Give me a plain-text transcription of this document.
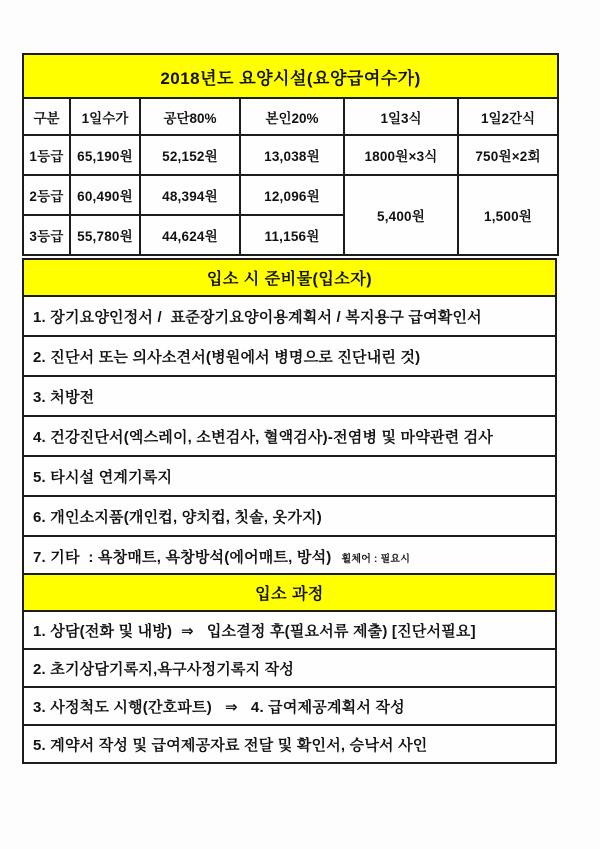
2018년도 요양시설(요양급여수가)					
구분	1일수가	공단80%	본인20%	1일3식	1일2간식
1등급	65,190원	52,152원	13,038원	1800원×3식	750원×2회
2등급	60,490원	48,394원	12,096원	5,400원	1,500원
3등급	55,780원	44,624원	11,156원		
입소 시 준비물(입소자)
1. 장기요양인정서 /  표준장기요양이용계획서 / 복지용구 급여확인서
2. 진단서 또는 의사소견서(병원에서 병명으로 진단내린 것)
3. 처방전
4. 건강진단서(엑스레이, 소변검사, 혈액검사)-전염병 및 마약관련 검사
5. 타시설 연계기록지
6. 개인소지품(개인컵, 양치컵, 칫솔, 옷가지)
7. 기타  : 욕창매트, 욕창방석(에어매트, 방석) 휠체어 : 필요시
입소 과정
1. 상담(전화 및 내방)  ⇒   입소결정 후(필요서류 제출) [진단서필요]
2. 초기상담기록지,욕구사정기록지 작성
3. 사정척도 시행(간호파트)   ⇒   4. 급여제공계획서 작성
5. 계약서 작성 및 급여제공자료 전달 및 확인서, 승낙서 사인
